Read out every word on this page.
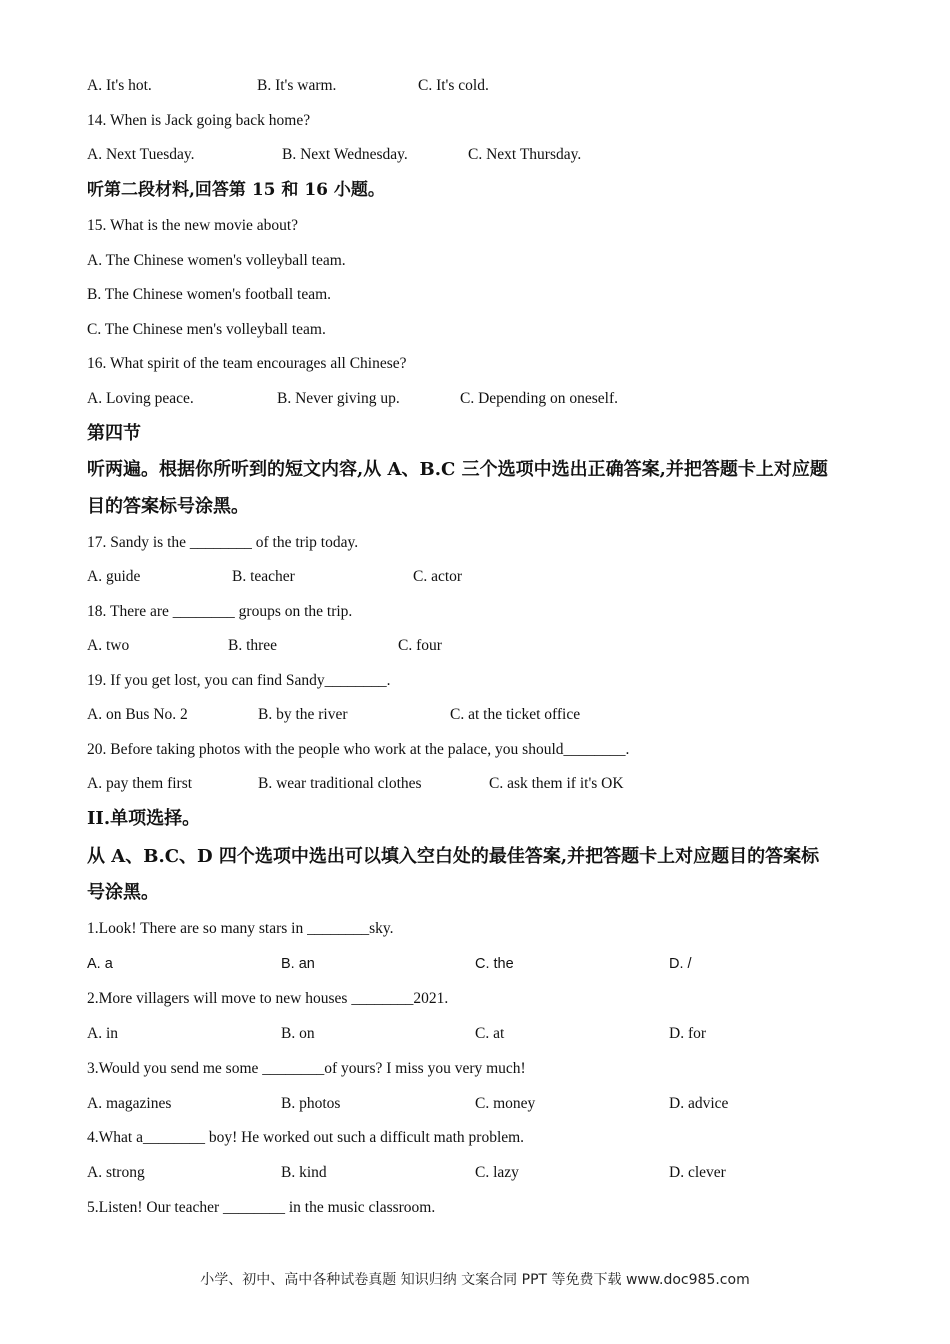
A. It's hot.	B. It's warm.	C. It's cold.
14. When is Jack going back home?
A. Next Tuesday.	B. Next Wednesday.	C. Next Thursday.
听第二段材料,回答第 15 和 16 小题。
15. What is the new movie about?
A. The Chinese women's volleyball team.
B. The Chinese women's football team.
C. The Chinese men's volleyball team.
16. What spirit of the team encourages all Chinese?
A. Loving peace.	B. Never giving up.	C. Depending on oneself.
第四节
听两遍。根据你所听到的短文内容,从 A、B.C 三个选项中选出正确答案,并把答题卡上对应题
目的答案标号涂黑。
17. Sandy is the ________ of the trip today.
A. guide	B. teacher	C. actor
18. There are ________ groups on the trip.
A. two	B. three	C. four
19. If you get lost, you can find Sandy________.
A. on Bus No. 2	B. by the river	C. at the ticket office
20. Before taking photos with the people who work at the palace, you should________.
A. pay them first	B. wear traditional clothes	C. ask them if it's OK
II.单项选择。
从 A、B.C、D 四个选项中选出可以填入空白处的最佳答案,并把答题卡上对应题目的答案标
号涂黑。
1.Look! There are so many stars in ________sky.
A. a	B. an	C. the	D. /
2.More villagers will move to new houses ________2021.
A. in	B. on	C. at	D. for
3.Would you send me some ________of yours? I miss you very much!
A. magazines	B. photos	C. money	D. advice
4.What a________ boy! He worked out such a difficult math problem.
A. strong	B. kind	C. lazy	D. clever
5.Listen! Our teacher ________ in the music classroom.
小学、初中、高中各种试卷真题 知识归纳 文案合同 PPT 等免费下载 www.doc985.com
